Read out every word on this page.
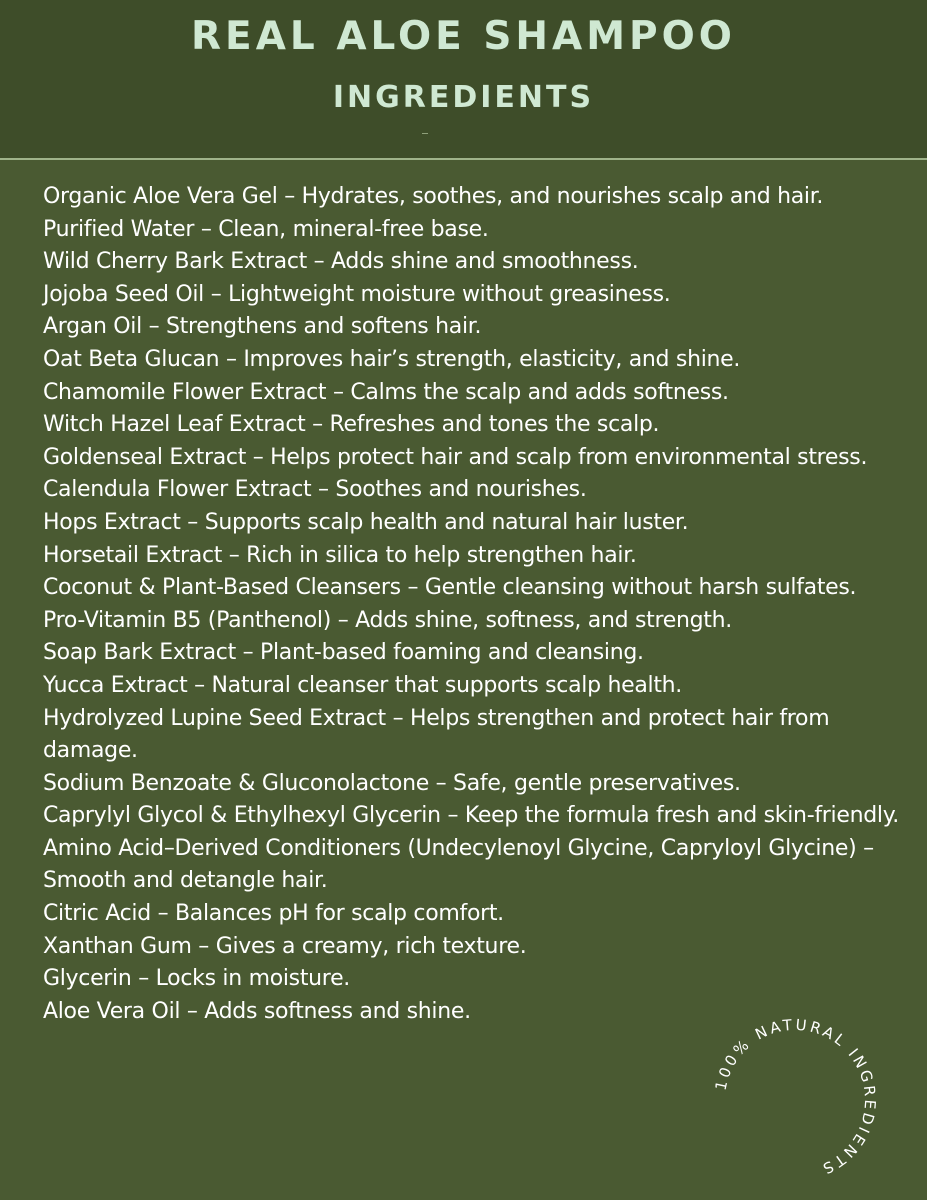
REAL ALOE SHAMPOO
INGREDIENTS
Organic Aloe Vera Gel – Hydrates, soothes, and nourishes scalp and hair.
Purified Water – Clean, mineral-free base.
Wild Cherry Bark Extract – Adds shine and smoothness.
Jojoba Seed Oil – Lightweight moisture without greasiness.
Argan Oil – Strengthens and softens hair.
Oat Beta Glucan – Improves hair’s strength, elasticity, and shine.
Chamomile Flower Extract – Calms the scalp and adds softness.
Witch Hazel Leaf Extract – Refreshes and tones the scalp.
Goldenseal Extract – Helps protect hair and scalp from environmental stress.
Calendula Flower Extract – Soothes and nourishes.
Hops Extract – Supports scalp health and natural hair luster.
Horsetail Extract – Rich in silica to help strengthen hair.
Coconut & Plant-Based Cleansers – Gentle cleansing without harsh sulfates.
Pro-Vitamin B5 (Panthenol) – Adds shine, softness, and strength.
Soap Bark Extract – Plant-based foaming and cleansing.
Yucca Extract – Natural cleanser that supports scalp health.
Hydrolyzed Lupine Seed Extract – Helps strengthen and protect hair from damage.
Sodium Benzoate & Gluconolactone – Safe, gentle preservatives.
Caprylyl Glycol & Ethylhexyl Glycerin – Keep the formula fresh and skin-friendly.
Amino Acid–Derived Conditioners (Undecylenoyl Glycine, Capryloyl Glycine) – Smooth and detangle hair.
Citric Acid – Balances pH for scalp comfort.
Xanthan Gum – Gives a creamy, rich texture.
Glycerin – Locks in moisture.
Aloe Vera Oil – Adds softness and shine.
100% NATURAL INGREDIENTS
